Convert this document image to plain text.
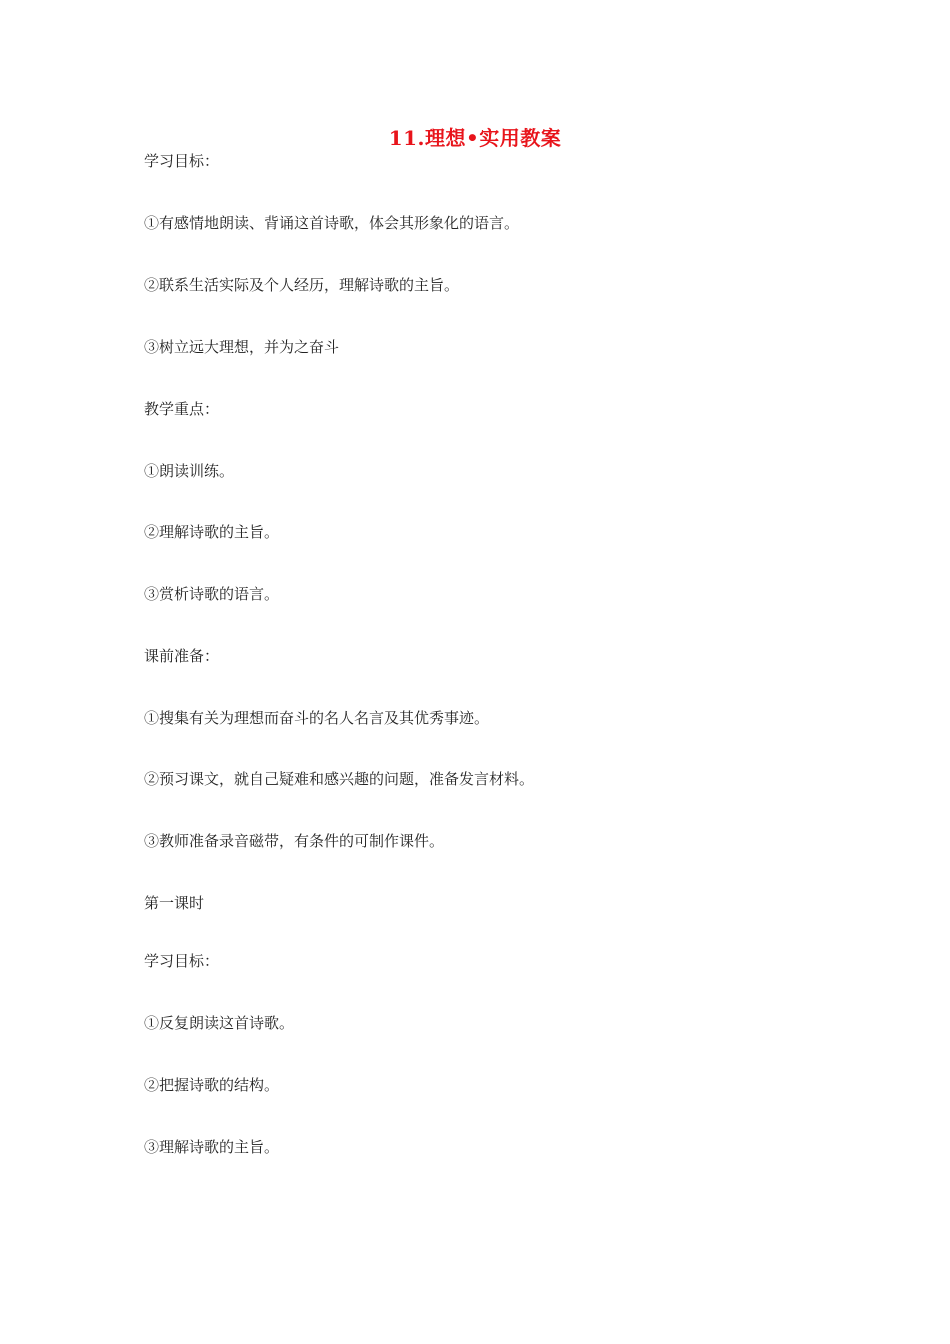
11.理想•实用教案
学习目标：
①有感情地朗读、背诵这首诗歌，体会其形象化的语言。
②联系生活实际及个人经历，理解诗歌的主旨。
③树立远大理想，并为之奋斗
教学重点：
①朗读训练。
②理解诗歌的主旨。
③赏析诗歌的语言。
课前准备：
①搜集有关为理想而奋斗的名人名言及其优秀事迹。
②预习课文，就自己疑难和感兴趣的问题，准备发言材料。
③教师准备录音磁带，有条件的可制作课件。
第一课时
学习目标：
①反复朗读这首诗歌。
②把握诗歌的结构。
③理解诗歌的主旨。
